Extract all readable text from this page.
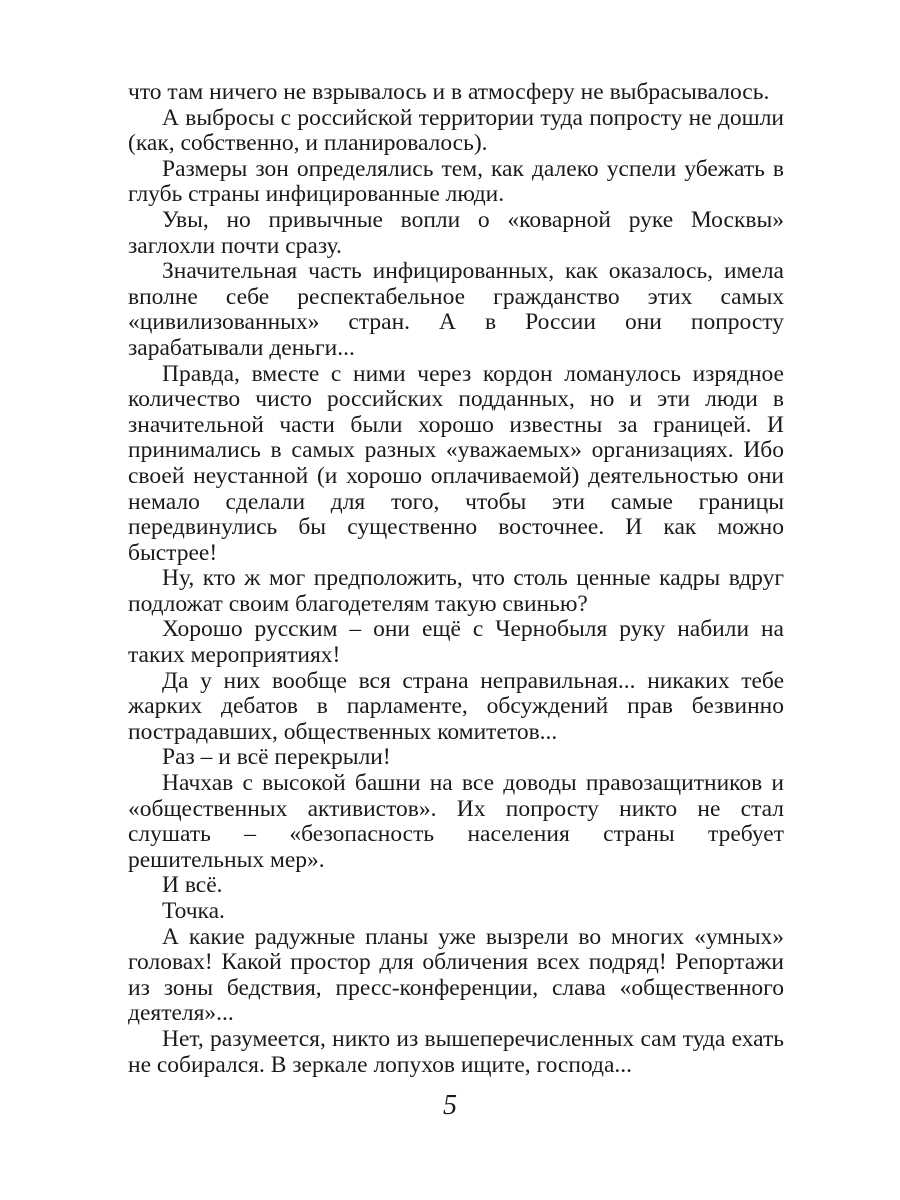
что там ничего не взрывалось и в атмосферу не выбрасывалось.

А выбросы с российской территории туда попросту не дошли (как, собственно, и планировалось).

Размеры зон определялись тем, как далеко успели убежать в глубь страны инфицированные люди.

Увы, но привычные вопли о «коварной руке Москвы» заглохли почти сразу.

Значительная часть инфицированных, как оказалось, имела вполне себе респектабельное гражданство этих самых «цивилизованных» стран. А в России они попросту зарабатывали деньги...

Правда, вместе с ними через кордон ломанулось изрядное количество чисто российских подданных, но и эти люди в значительной части были хорошо известны за границей. И принимались в самых разных «уважаемых» организациях. Ибо своей неустанной (и хорошо оплачиваемой) деятельностью они немало сделали для того, чтобы эти самые границы передвинулись бы существенно восточнее. И как можно быстрее!

Ну, кто ж мог предположить, что столь ценные кадры вдруг подложат своим благодетелям такую свинью?

Хорошо русским – они ещё с Чернобыля руку набили на таких мероприятиях!

Да у них вообще вся страна неправильная... никаких тебе жарких дебатов в парламенте, обсуждений прав безвинно пострадавших, общественных комитетов...

Раз – и всё перекрыли!

Начхав с высокой башни на все доводы правозащитников и «общественных активистов». Их попросту никто не стал слушать – «безопасность населения страны требует решительных мер».

И всё.

Точка.

А какие радужные планы уже вызрели во многих «умных» головах! Какой простор для обличения всех подряд! Репортажи из зоны бедствия, пресс-конференции, слава «общественного деятеля»...

Нет, разумеется, никто из вышеперечисленных сам туда ехать не собирался. В зеркале лопухов ищите, господа...

5
